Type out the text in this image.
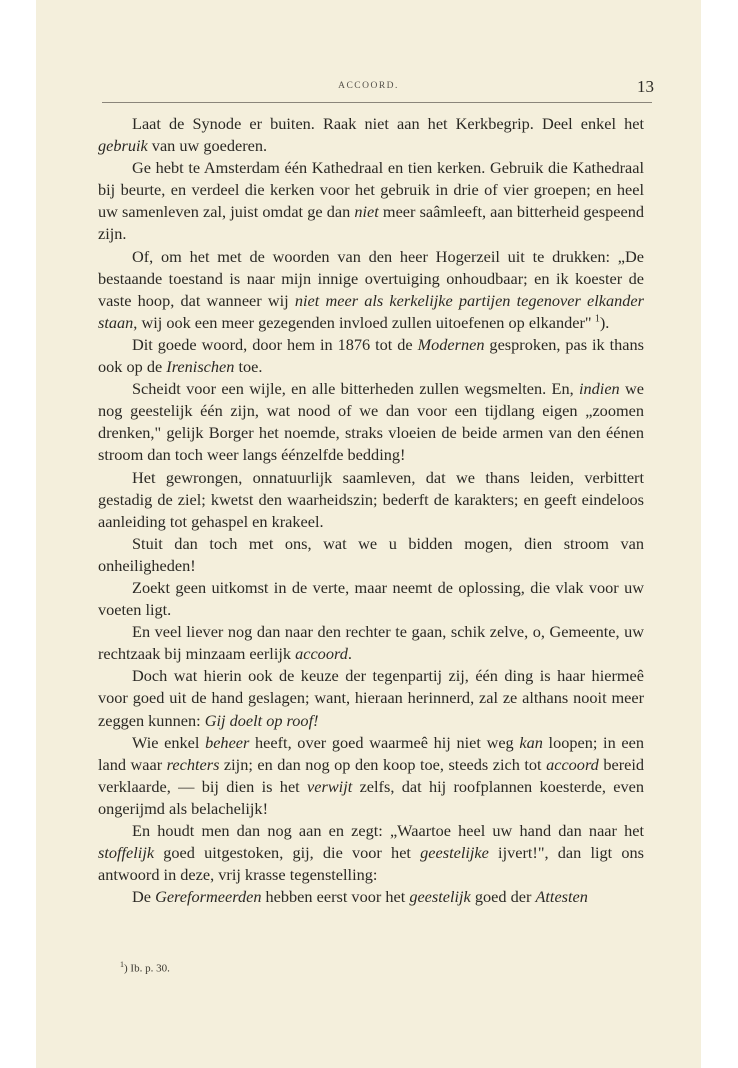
ACCOORD.	13

Laat de Synode er buiten. Raak niet aan het Kerkbegrip. Deel enkel het gebruik van uw goederen.

Ge hebt te Amsterdam één Kathedraal en tien kerken. Gebruik die Kathedraal bij beurte, en verdeel die kerken voor het gebruik in drie of vier groepen; en heel uw samenleven zal, juist omdat ge dan niet meer saâmleeft, aan bitterheid gespeend zijn.

Of, om het met de woorden van den heer Hogerzeil uit te drukken: „De bestaande toestand is naar mijn innige overtuiging onhoudbaar; en ik koester de vaste hoop, dat wanneer wij niet meer als kerkelijke partijen tegenover elkander staan, wij ook een meer gezegenden invloed zullen uitoefenen op elkander"  $^1$).

Dit goede woord, door hem in 1876 tot de Modernen gesproken, pas ik thans ook op de Irenischen toe.

Scheidt voor een wijle, en alle bitterheden zullen wegsmelten. En, indien we nog geestelijk één zijn, wat nood of we dan voor een tijdlang eigen „zoomen drenken," gelijk Borger het noemde, straks vloeien de beide armen van den éénen stroom dan toch weer langs éénzelfde bedding!

Het gewrongen, onnatuurlijk saamleven, dat we thans leiden, verbittert gestadig de ziel; kwetst den waarheidszin; bederft de karakters; en geeft eindeloos aanleiding tot gehaspel en krakeel.

Stuit dan toch met ons, wat we u bidden mogen, dien stroom van onheiligheden!

Zoekt geen uitkomst in de verte, maar neemt de oplossing, die vlak voor uw voeten ligt.

En veel liever nog dan naar den rechter te gaan, schik zelve, o, Gemeente, uw rechtzaak bij minzaam eerlijk accoord.

Doch wat hierin ook de keuze der tegenpartij zij, één ding is haar hiermeê voor goed uit de hand geslagen; want, hieraan herinnerd, zal ze althans nooit meer zeggen kunnen: Gij doelt op roof!

Wie enkel beheer heeft, over goed waarmeê hij niet weg kan loopen; in een land waar rechters zijn; en dan nog op den koop toe, steeds zich tot accoord bereid verklaarde, — bij dien is het verwijt zelfs, dat hij roofplannen koesterde, even ongerijmd als belachelijk!

En houdt men dan nog aan en zegt: „Waartoe heel uw hand dan naar het stoffelijk goed uitgestoken, gij, die voor het geestelijke ijvert!", dan ligt ons antwoord in deze, vrij krasse tegenstelling:

De Gereformeerden hebben eerst voor het geestelijk goed der Attesten

$^1$) Ib. p. 30.
